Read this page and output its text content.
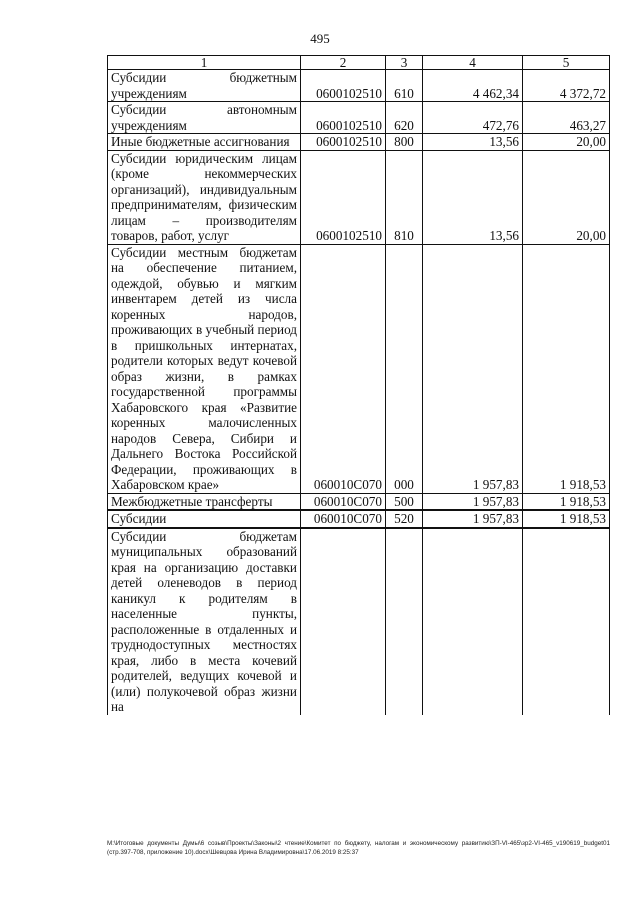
495
1	2	3	4	5
Субсидии бюджетным учреждениям	0600102510	610	4 462,34	4 372,72
Субсидии автономным учреждениям	0600102510	620	472,76	463,27
Иные бюджетные ассигнования	0600102510	800	13,56	20,00
Субсидии юридическим лицам (кроме некоммерческих организаций), индивидуальным предпринимателям, физическим лицам – производителям товаров, работ, услуг	0600102510	810	13,56	20,00
Субсидии местным бюджетам на обеспечение питанием, одеждой, обувью и мягким инвентарем детей из числа коренных народов, проживающих в учебный период в пришкольных интернатах, родители которых ведут кочевой образ жизни, в рамках государственной программы Хабаровского края «Развитие коренных малочисленных народов Севера, Сибири и Дальнего Востока Российской Федерации, проживающих в Хабаровском крае»	060010С070	000	1 957,83	1 918,53
Межбюджетные трансферты	060010С070	500	1 957,83	1 918,53
Субсидии	060010С070	520	1 957,83	1 918,53
Субсидии бюджетам муниципальных образований края на организацию доставки детей оленеводов в период каникул к родителям в населенные пункты, расположенные в отдаленных и труднодоступных местностях края, либо в места кочевий родителей, ведущих кочевой и (или) полукочевой образ жизни на				
М:\Итоговые документы Думы\6 созыв\Проекты\Законы\2 чтение\Комитет по бюджету, налогам и экономическому развитию\ЗП-VI-465\зр2-VI-465_v190619_budget01 (стр.397-708, приложение 10).docx\Шевцова Ирина Владимировна\17.06.2019 8:25:37
